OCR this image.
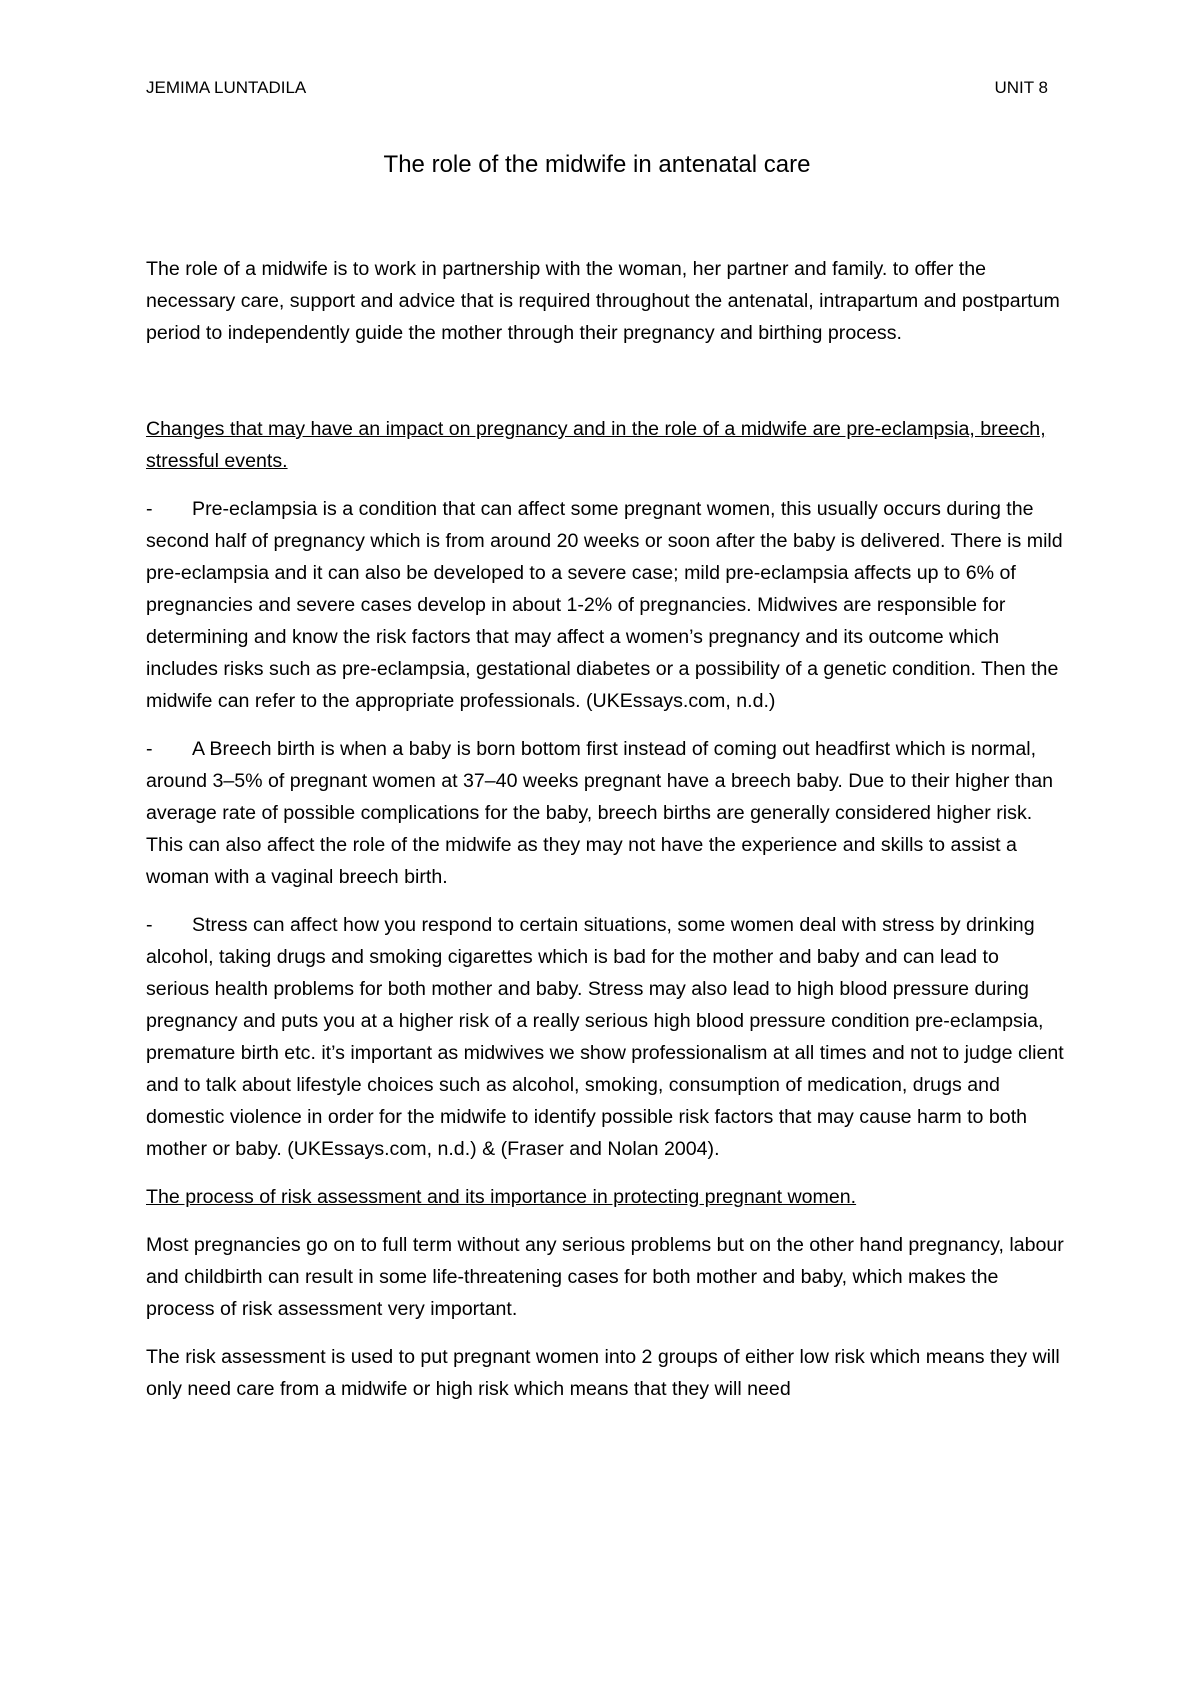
JEMIMA LUNTADILA	UNIT 8
The role of the midwife in antenatal care

The role of a midwife is to work in partnership with the woman, her partner and family. to offer the necessary care, support and advice that is required throughout the antenatal, intrapartum and postpartum period to independently guide the mother through their pregnancy and birthing process.

Changes that may have an impact on pregnancy and in the role of a midwife are pre-eclampsia, breech, stressful events.

- Pre-eclampsia is a condition that can affect some pregnant women, this usually occurs during the second half of pregnancy which is from around 20 weeks or soon after the baby is delivered. There is mild pre-eclampsia and it can also be developed to a severe case; mild pre-eclampsia affects up to 6% of pregnancies and severe cases develop in about 1-2% of pregnancies. Midwives are responsible for determining and know the risk factors that may affect a women’s pregnancy and its outcome which includes risks such as pre-eclampsia, gestational diabetes or a possibility of a genetic condition. Then the midwife can refer to the appropriate professionals. (UKEssays.com, n.d.)

- A Breech birth is when a baby is born bottom first instead of coming out headfirst which is normal, around 3–5% of pregnant women at 37–40 weeks pregnant have a breech baby. Due to their higher than average rate of possible complications for the baby, breech births are generally considered higher risk. This can also affect the role of the midwife as they may not have the experience and skills to assist a woman with a vaginal breech birth.

- Stress can affect how you respond to certain situations, some women deal with stress by drinking alcohol, taking drugs and smoking cigarettes which is bad for the mother and baby and can lead to serious health problems for both mother and baby. Stress may also lead to high blood pressure during pregnancy and puts you at a higher risk of a really serious high blood pressure condition pre-eclampsia, premature birth etc. it’s important as midwives we show professionalism at all times and not to judge client and to talk about lifestyle choices such as alcohol, smoking, consumption of medication, drugs and domestic violence in order for the midwife to identify possible risk factors that may cause harm to both mother or baby. (UKEssays.com, n.d.) & (Fraser and Nolan 2004).

The process of risk assessment and its importance in protecting pregnant women.

Most pregnancies go on to full term without any serious problems but on the other hand pregnancy, labour and childbirth can result in some life-threatening cases for both mother and baby, which makes the process of risk assessment very important.

The risk assessment is used to put pregnant women into 2 groups of either low risk which means they will only need care from a midwife or high risk which means that they will need
